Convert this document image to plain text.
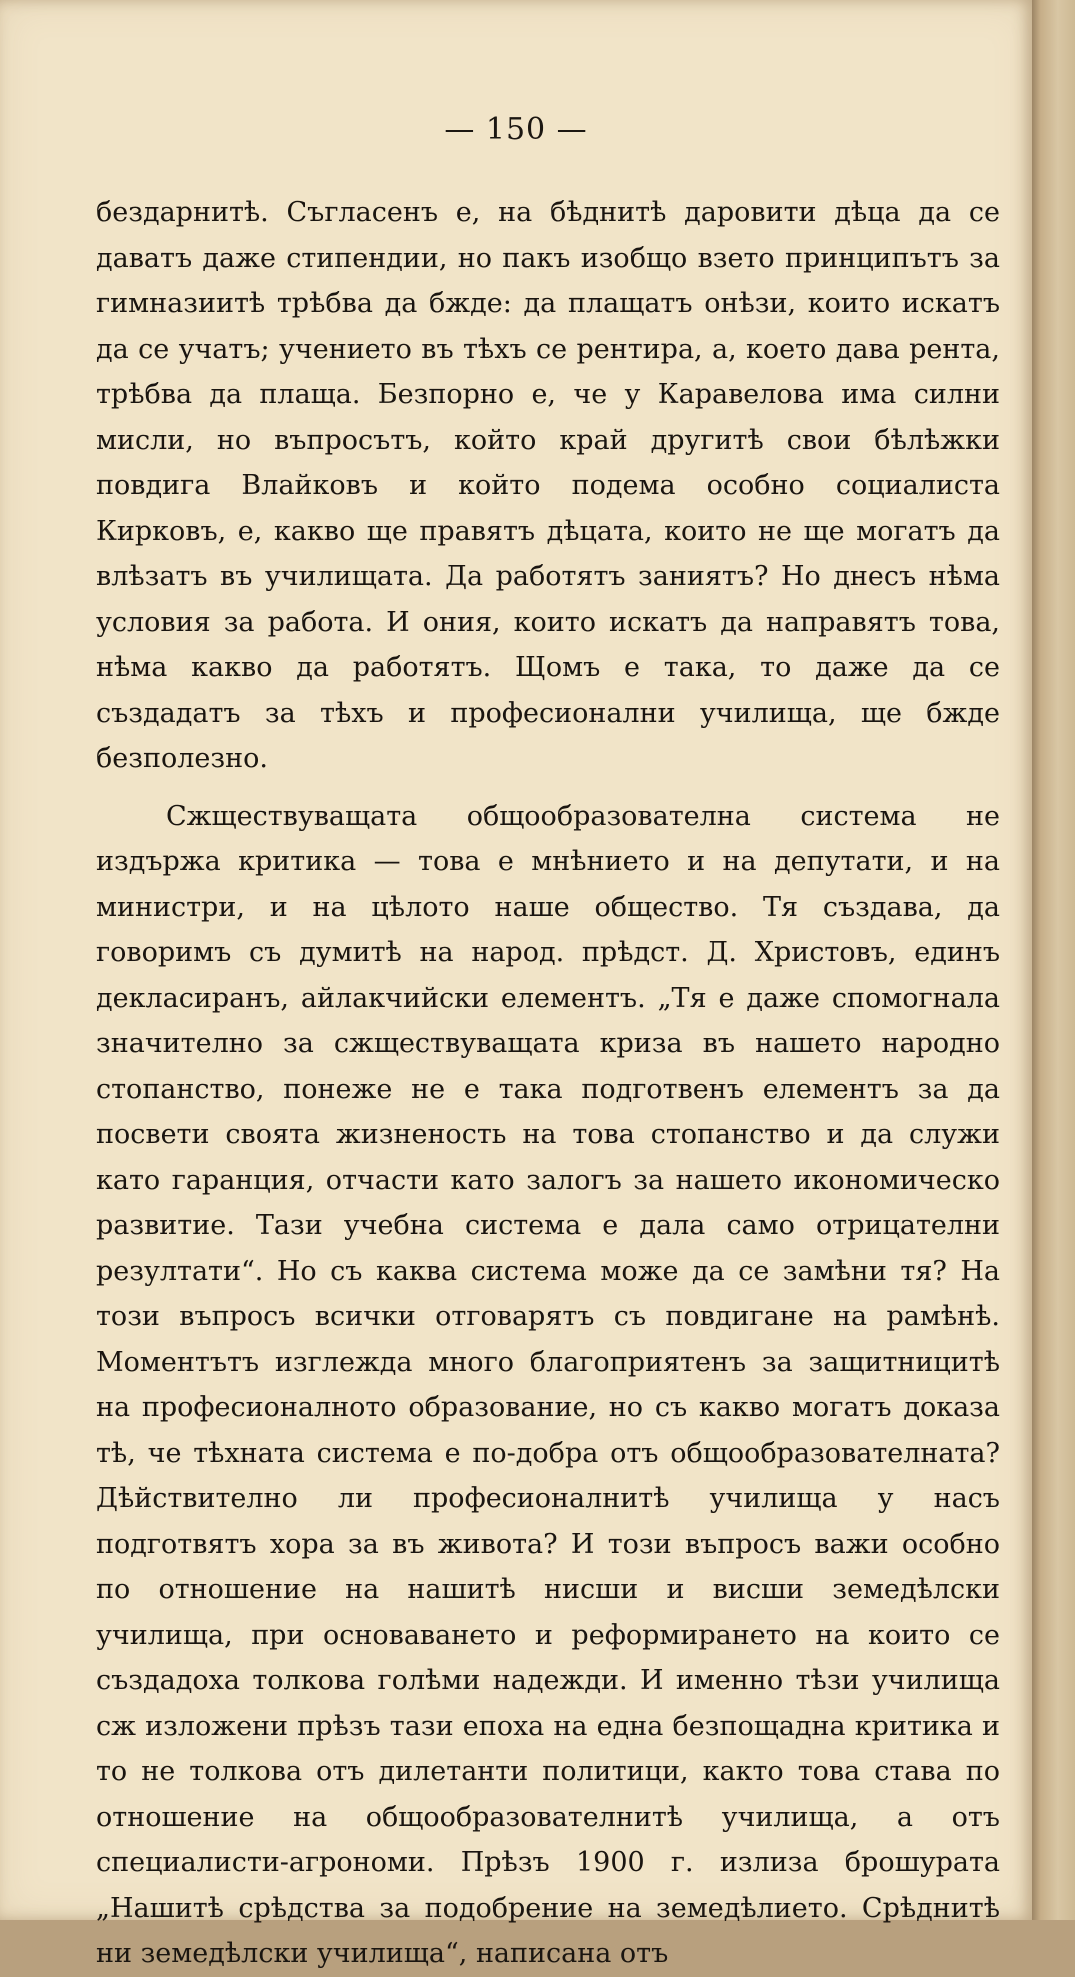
— 150 —

бездарнитѣ. Съгласенъ е, на бѣднитѣ даровити дѣца да се даватъ даже стипендии, но пакъ изобщо взето принципътъ за гимназиитѣ трѣбва да бжде: да плащатъ онѣзи, които искатъ да се учатъ; учението въ тѣхъ се рентира, а, което дава рента, трѣбва да плаща. Безпорно е, че у Каравелова има силни мисли, но въпросътъ, който край другитѣ свои бѣлѣжки повдига Влайковъ и който подема особно социалиста Кирковъ, е, какво ще правятъ дѣцата, които не ще могатъ да влѣзатъ въ училищата. Да работятъ заниятъ? Но днесъ нѣма условия за работа. И ония, които искатъ да направятъ това, нѣма какво да работятъ. Щомъ е така, то даже да се създадатъ за тѣхъ и професионални училища, ще бжде безполезно.

Сжществуващата общообразователна система не издържа критика — това е мнѣнието и на депутати, и на министри, и на цѣлото наше общество. Тя създава, да говоримъ съ думитѣ на народ. прѣдст. Д. Христовъ, единъ декласиранъ, айлакчийски елементъ. „Тя е даже спомогнала значително за сжществуващата криза въ нашето народно стопанство, понеже не е така подготвенъ елементъ за да посвети своята жизненость на това стопанство и да служи като гаранция, отчасти като залогъ за нашето икономическо развитие. Тази учебна система е дала само отрицателни резултати“. Но съ каква система може да се замѣни тя? На този въпросъ всички отговарятъ съ повдигане на рамѣнѣ. Моментътъ изглежда много благоприятенъ за защитницитѣ на професионалното образование, но съ какво могатъ доказа тѣ, че тѣхната система е по-добра отъ общообразователната? Дѣйствително ли професионалнитѣ училища у насъ подготвятъ хора за въ живота? И този въпросъ важи особно по отношение на нашитѣ нисши и висши земедѣлски училища, при основаването и реформирането на които се създадоха толкова голѣми надежди. И именно тѣзи училища сж изложени прѣзъ тази епоха на една безпощадна критика и то не толкова отъ дилетанти политици, както това става по отношение на общообразователнитѣ училища, а отъ специалисти-агрономи. Прѣзъ 1900 г. излиза брошурата „Нашитѣ срѣдства за подобрение на земедѣлието. Срѣднитѣ ни земедѣлски училища“, написана отъ
